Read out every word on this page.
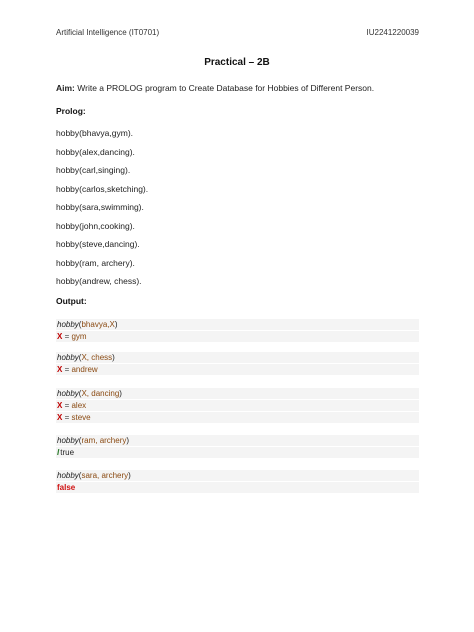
Artificial Intelligence (IT0701)	IU2241220039
Practical – 2B
Aim: Write a PROLOG program to Create Database for Hobbies of Different Person.
Prolog:
hobby(bhavya,gym).
hobby(alex,dancing).
hobby(carl,singing).
hobby(carlos,sketching).
hobby(sara,swimming).
hobby(john,cooking).
hobby(steve,dancing).
hobby(ram, archery).
hobby(andrew, chess).
Output:
hobby(bhavya,X)
X = gym
hobby(X, chess)
X = andrew
hobby(X, dancing)
X = alex
X = steve
hobby(ram, archery)
Itrue
hobby(sara, archery)
false
